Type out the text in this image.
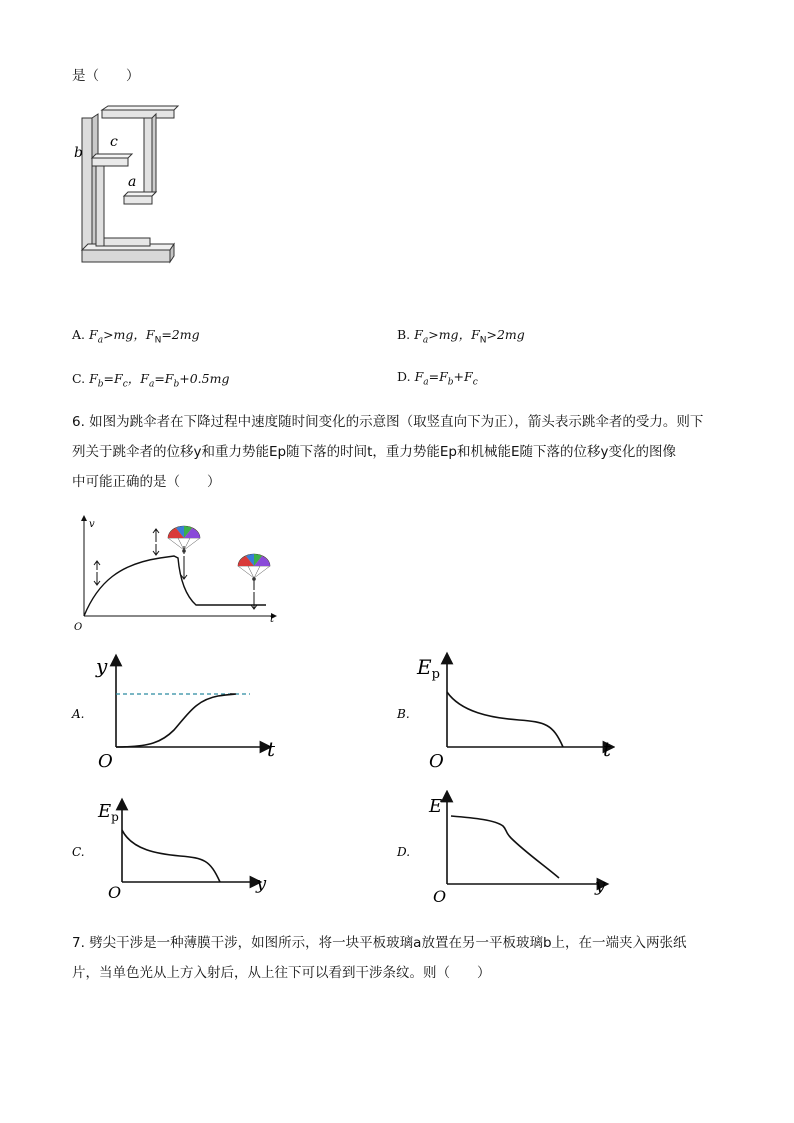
是（　　）
b
c
a
A. $F_a>mg$，$F_N=2mg$	B. $F_a>mg$，$F_N>2mg$
C. $F_b=F_c$，$F_a=F_b+0.5mg$	D. $F_a=F_b+F_c$
6. 如图为跳伞者在下降过程中速度随时间变化的示意图（取竖直向下为正），箭头表示跳伞者的受力。则下
列关于跳伞者的位移y和重力势能Ep随下落的时间t，重力势能Ep和机械能E随下落的位移y变化的图像
中可能正确的是（　　）
v
t
O
A.
y
t
O
B.
$E_p$
t
O
C.
$E_p$
y
O
D.
E
y
O
7. 劈尖干涉是一种薄膜干涉，如图所示，将一块平板玻璃a放置在另一平板玻璃b上，在一端夹入两张纸
片，当单色光从上方入射后，从上往下可以看到干涉条纹。则（　　）
